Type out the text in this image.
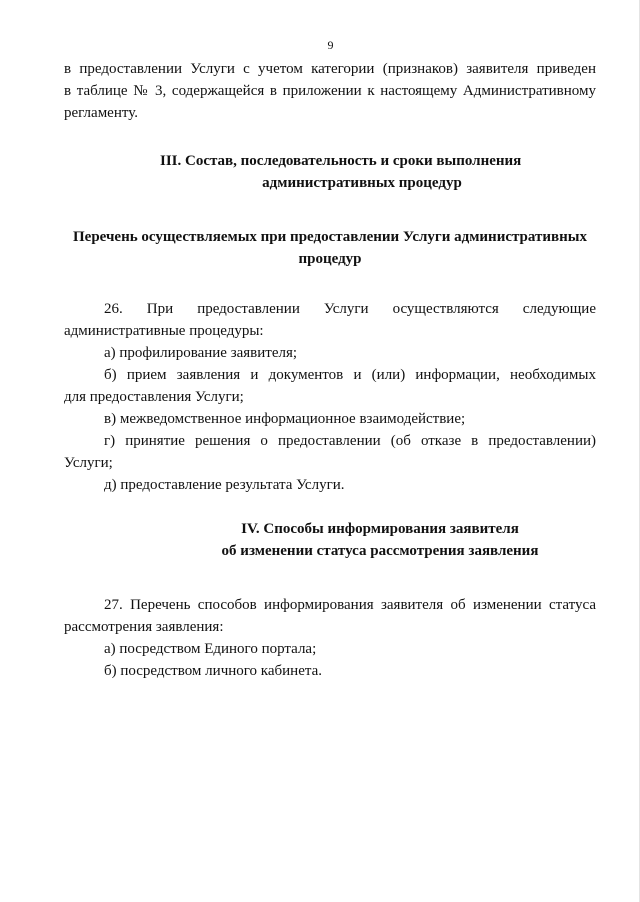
9

в предоставлении Услуги с учетом категории (признаков) заявителя приведен

в таблице № 3, содержащейся в приложении к настоящему Административному

регламенту.

III. Состав, последовательность и сроки выполнения
административных процедур
Перечень осуществляемых при предоставлении Услуги административных
процедур

26. При предоставлении Услуги осуществляются следующие

административные процедуры:

а) профилирование заявителя;

б) прием заявления и документов и (или) информации, необходимых

для предоставления Услуги;

в) межведомственное информационное взаимодействие;

г) принятие решения о предоставлении (об отказе в предоставлении)

Услуги;

д) предоставление результата Услуги.

IV. Способы информирования заявителя
об изменении статуса рассмотрения заявления

27. Перечень способов информирования заявителя об изменении статуса

рассмотрения заявления:

а) посредством Единого портала;

б) посредством личного кабинета.
